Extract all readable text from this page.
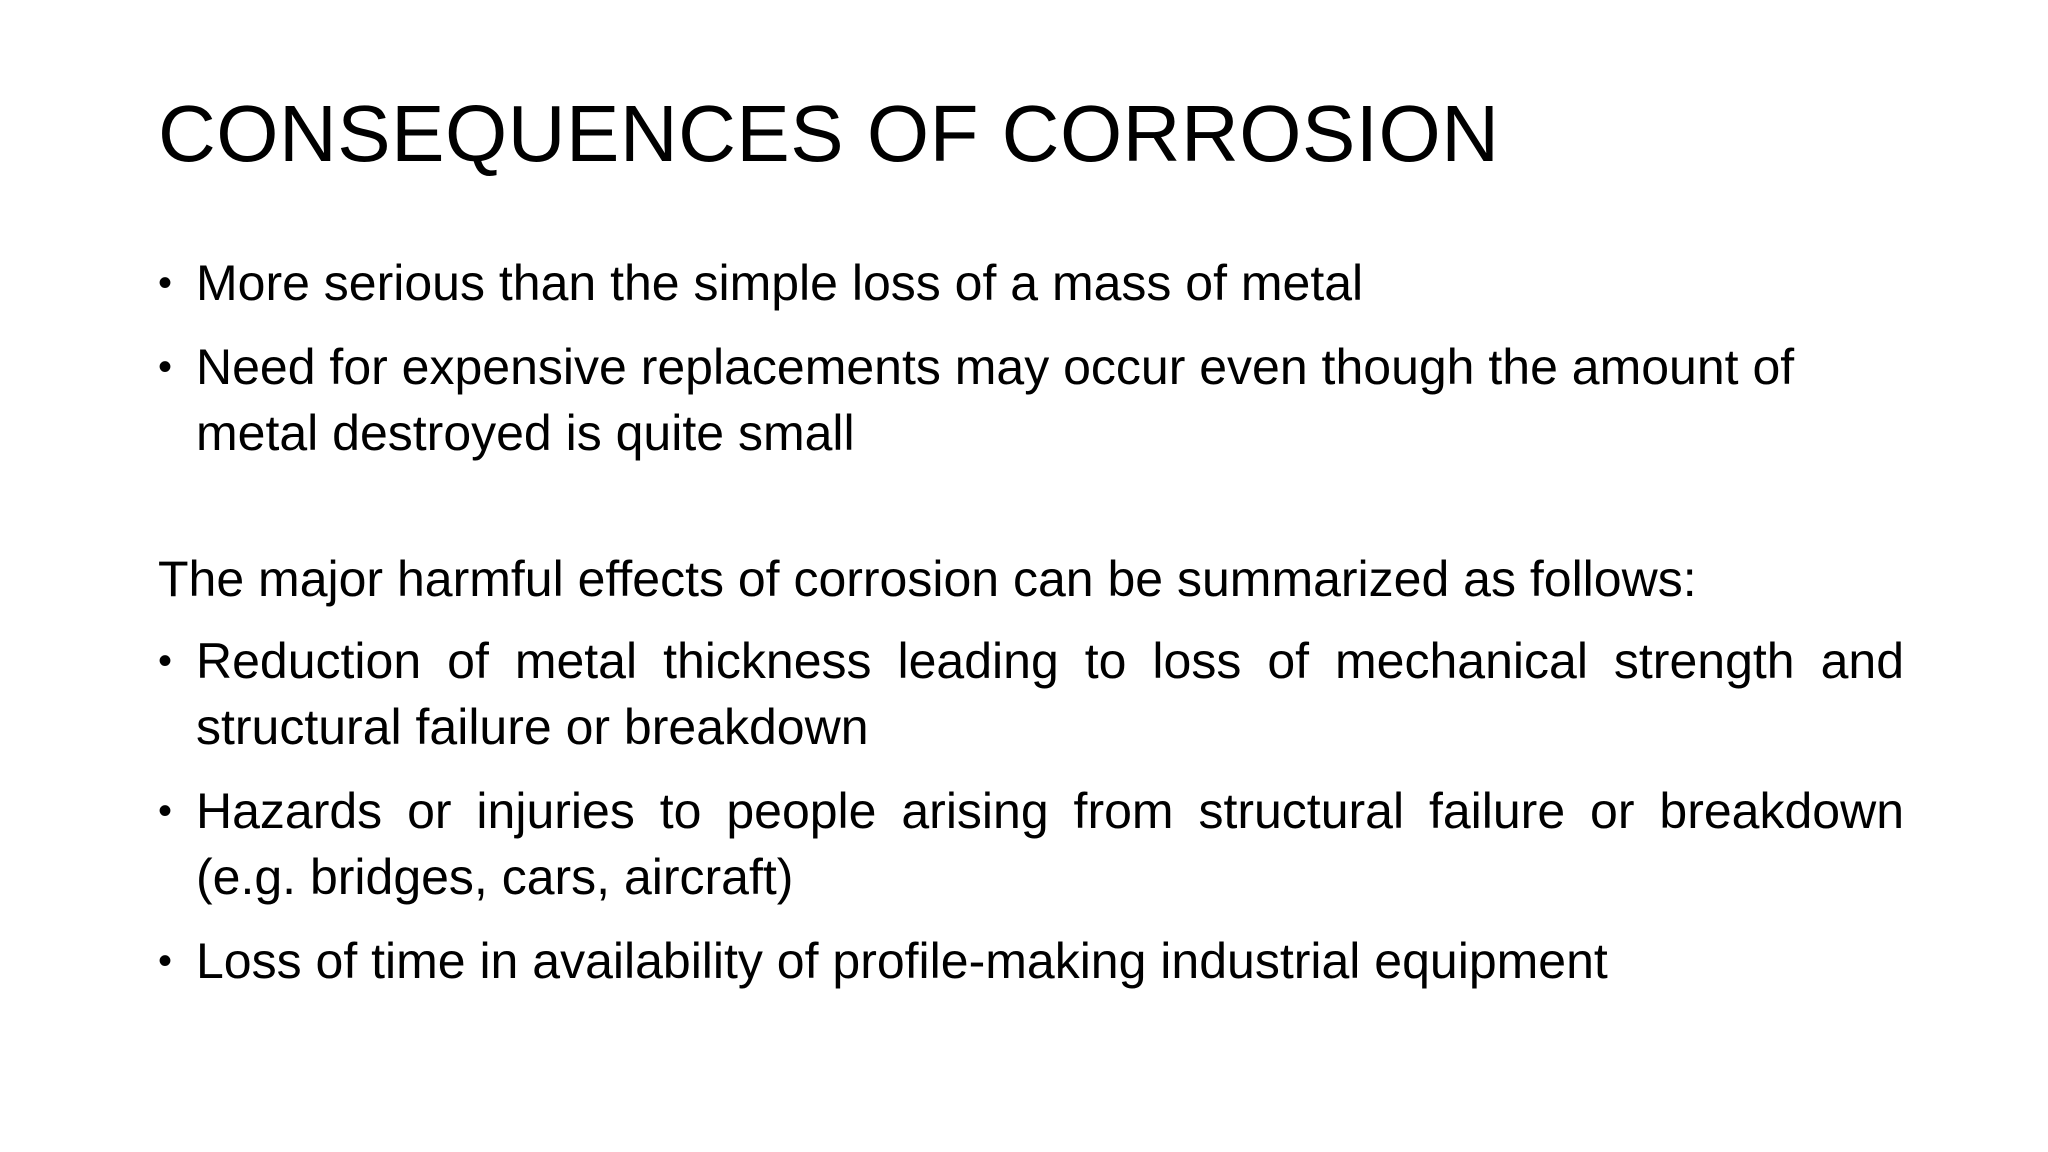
CONSEQUENCES OF CORROSION
• More serious than the simple loss of a mass of metal
• Need for expensive replacements may occur even though the amount of metal destroyed is quite small

The major harmful effects of corrosion can be summarized as follows:

• Reduction of metal thickness leading to loss of mechanical strength and structural failure or breakdown
• Hazards or injuries to people arising from structural failure or breakdown (e.g. bridges, cars, aircraft)
• Loss of time in availability of profile-making industrial equipment
